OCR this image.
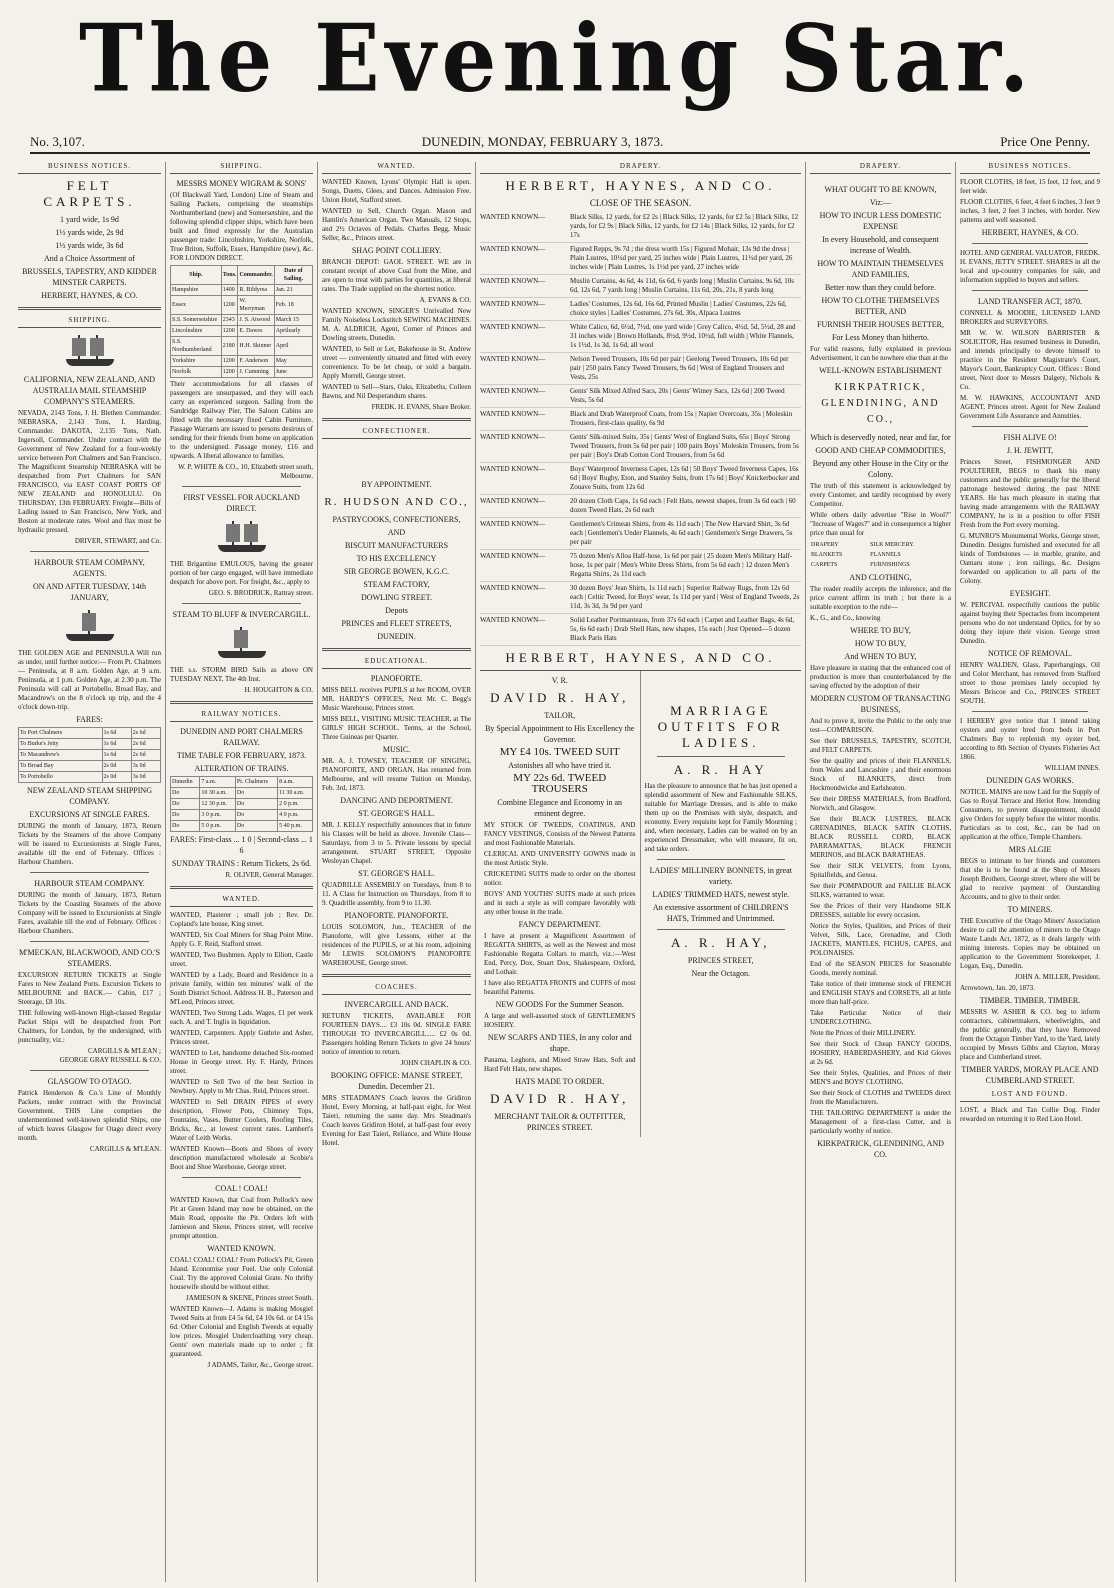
The Evening Star.
No. 3,107.	DUNEDIN, MONDAY, FEBRUARY 3, 1873.	Price One Penny.
BUSINESS NOTICES.
FELT CARPETS.
1 yard wide, 1s 9d
1½ yards wide, 2s 9d
1½ yards wide, 3s 6d
And a Choice Assortment of
BRUSSELS, TAPESTRY, AND KIDDER MINSTER CARPETS.
HERBERT, HAYNES, & CO.
SHIPPING.
CALIFORNIA, NEW ZEALAND, AND AUSTRALIA MAIL STEAMSHIP COMPANY'S STEAMERS.
NEVADA, 2143 Tons, J. H. Blethen Commander. NEBRASKA, 2,143 Tons, I. Harding, Commander. DAKOTA, 2,135 Tons, Nath. Ingersoll, Commander. Under contract with the Government of New Zealand for a four-weekly service between Port Chalmers and San Francisco. The Magnificent Steamship NEBRASKA will be despatched from Port Chalmers for SAN FRANCISCO, via EAST COAST PORTS OF NEW ZEALAND and HONOLULU. On THURSDAY, 13th FEBRUARY. Freight—Bills of Lading issued to San Francisco, New York, and Boston at moderate rates. Wool and flax must be hydraulic pressed.
DRIVER, STEWART, and Co.
HARBOUR STEAM COMPANY, AGENTS.
ON AND AFTER TUESDAY, 14th JANUARY,
THE GOLDEN AGE and PENINSULA Will run as under, until further notice:— From Pt. Chalmers— Peninsula, at 8 a.m. Golden Age, at 9 a.m. Peninsula, at 1 p.m. Golden Age, at 2.30 p.m. The Peninsula will call at Portobello, Broad Bay, and Macandrew's on the 8 o'clock up trip, and the 4 o'clock down-trip.
FARES:
To Port Chalmers	1s 6d	2s 6d
To Burke's Jetty	1s 6d	2s 6d
To Macandrew's	1s 6d	2s 6d
To Broad Bay	2s 0d	3s 0d
To Portobello	2s 0d	3s 0d
NEW ZEALAND STEAM SHIPPING COMPANY.
EXCURSIONS AT SINGLE FARES.
DURING the month of January, 1873, Return Tickets by the Steamers of the above Company will be issued to Excursionists at Single Fares, available till the end of February. Offices : Harbour Chambers.
HARBOUR STEAM COMPANY.
DURING the month of January, 1873, Return Tickets by the Coasting Steamers of the above Company will be issued to Excursionists at Single Fares, available till the end of February. Offices : Harbour Chambers.
M'MECKAN, BLACKWOOD, AND CO.'S STEAMERS.
EXCURSION RETURN TICKETS at Single Fares to New Zealand Ports. Excursion Tickets to MELBOURNE and BACK.— Cabin, £17 ; Steerage, £8 10s.
THE following well-known High-classed Regular Packet Ships will be despatched from Port Chalmers, for London, by the undersigned, with punctuality, viz.:
CARGILLS & M'LEAN ;
GEORGE GRAY RUSSELL & CO.
GLASGOW TO OTAGO.
Patrick Henderson & Co.'s Line of Monthly Packets, under contract with the Provincial Government. THIS Line comprises the undermentioned well-known splendid Ships, one of which leaves Glasgow for Otago direct every month.
CARGILLS & M'LEAN.
SHIPPING.
MESSRS MONEY WIGRAM & SONS'
(Of Blackwall Yard, London) Line of Steam and Sailing Packets, comprising the steamships Northumberland (new) and Somersetshire, and the following splendid clipper ships, which have been built and fitted expressly for the Australian passenger trade: Lincolnshire, Yorkshire, Norfolk, True Briton, Suffolk, Essex, Hampshire (new), &c. FOR LONDON DIRECT.
Ship.	Tons.	Commander.	Date of Sailing.
Hampshire	1400	R. Bildyrea	Jan. 21
Essex	1200	W. Merryman	Feb. 18
S.S. Somersetshire	2343	J. S. Atwood	March 15
Lincolnshire	1200	E. Dawes	Aprilearly
S.S. Northumberland	2180	H.H. Skinner	April
Yorkshire	1200	F. Anderson	May
Norfolk	1200	J. Cumming	June
Their accommodations for all classes of passengers are unsurpassed, and they will each carry an experienced surgeon. Sailing from the Sandridge Railway Pier, The Saloon Cabins are fitted with the necessary fixed Cabin Furniture. Passage Warrants are issued to persons desirous of sending for their friends from home on application to the undersigned. Passage money, £16 and upwards. A liberal allowance to families.
W. P. WHITE & CO., 10, Elizabeth street south, Melbourne.
FIRST VESSEL FOR AUCKLAND DIRECT.
THE Brigantine EMULOUS, having the greater portion of her cargo engaged, will have immediate despatch for above port. For freight, &c., apply to
GEO. S. BRODRICK, Rattray street.
STEAM TO BLUFF & INVERCARGILL.
THE s.s. STORM BIRD Sails as above ON TUESDAY NEXT, The 4th Inst.
H. HOUGHTON & CO.
RAILWAY NOTICES.
DUNEDIN AND PORT CHALMERS RAILWAY.
TIME TABLE FOR FEBRUARY, 1873.
ALTERATION OF TRAINS.
Dunedin	7 a.m.	Pt. Chalmers	8 a.m.
Do	10 30 a.m.	Do	11 30 a.m.
Do	12 30 p.m.	Do	2 0 p.m.
Do	3 0 p.m.	Do	4 0 p.m.
Do	5 0 p.m.	Do	5 40 p.m.
FARES: First-class ... 1 0 | Second-class ... 1 6
SUNDAY TRAINS : Return Tickets, 2s 6d.
R. OLIVER, General Manager.
WANTED.
WANTED, Plasterer ; small job ; Rev. Dr. Copland's late house, King street.
WANTED, Six Coal Miners for Shag Point Mine. Apply G. F. Reid, Stafford street.
WANTED, Two Bushmen. Apply to Elliott, Castle street.
WANTED by a Lady, Board and Residence in a private family, within ten minutes' walk of the South District School. Address H. B., Paterson and M'Leod, Princes street.
WANTED, Two Strong Lads. Wages, £1 per week each. A. and T. Inglis in liquidation.
WANTED, Carpenters. Apply Guthrie and Asher, Princes street.
WANTED to Let, handsome detached Six-roomed House in George street. Hy. F. Hardy, Princes street.
WANTED to Sell Two of the best Section in Newbury. Apply to Mr Chas. Reid, Princes street.
WANTED to Sell DRAIN PIPES of every description, Flower Pots, Chimney Tops, Fountains, Vases, Butter Coolers, Roofing Tiles, Bricks, &c., at lowest current rates. Lambert's Water of Leith Works.
WANTED Known—Boots and Shoes of every description manufactured wholesale at Scobie's Boot and Shoe Warehouse, George street.
COAL ! COAL!
WANTED Known, that Coal from Pollock's new Pit at Green Island may now be obtained, on the Main Road, opposite the Pit. Orders left with Jamieson and Skene, Princes street, will receive prompt attention.
WANTED KNOWN.
COAL! COAL! COAL! From Pollock's Pit, Green Island. Economise your Fuel. Use only Colonial Coal. Try the approved Colonial Grate. No thrifty housewife should be without either.
JAMIESON & SKENE, Princes street South.
WANTED Known—J. Adams is making Mosgiel Tweed Suits at from £4 5s 6d, £4 10s 6d. or £4 15s 6d. Other Colonial and English Tweeds at equally low prices. Mosgiel Undercloathing very cheap. Gents' own materials made up to order ; fit guaranteed.
J ADAMS, Tailor, &c., George street.
WANTED.
WANTED Known, Lyons' Olympic Hall is open. Songs, Duetts, Glees, and Dances. Admission Free. Union Hotel, Stafford street.
WANTED to Sell, Church Organ. Mason and Hamlin's American Organ. Two Manuals, 12 Stops, and 2½ Octaves of Pedals. Charles Begg, Music Seller, &c., Princes street.
SHAG POINT COLLIERY.
BRANCH DEPOT: GAOL STREET. WE are in constant receipt of above Coal from the Mine, and are open to treat with parties for quantities, at liberal rates. The Trade supplied on the shortest notice.
A. EVANS & CO.
WANTED KNOWN, SINGER'S Unrivalled New Family Noiseless Lockstitch SEWING MACHINES. M. A. ALDRICH, Agent, Corner of Princes and Dowling streets, Dunedin.
WANTED, to Sell or Let, Bakehouse in St. Andrew street — conveniently situated and fitted with every convenience. To be let cheap, or sold a bargain. Apply Morrell, George street.
WANTED to Sell—Stars, Oaks, Elizabeths, Colleen Bawns, and Nil Desperandum shares.
FREDK. H. EVANS, Share Broker.
CONFECTIONER.
BY APPOINTMENT.
R. HUDSON AND CO.,
PASTRYCOOKS, CONFECTIONERS,
AND
BISCUIT MANUFACTURERS
TO HIS EXCELLENCY
SIR GEORGE BOWEN, K.G.C.
STEAM FACTORY,
DOWLING STREET.
Depots
PRINCES and FLEET STREETS,
DUNEDIN.
EDUCATIONAL.
PIANOFORTE.
MISS BELL receives PUPILS at her ROOM, OVER MR. HARDY'S OFFICES, Next Mr. C. Begg's Music Warehouse, Princes street.
MISS BELL, VISITING MUSIC TEACHER, at The GIRLS' HIGH SCHOOL. Terms, at the School, Three Guineas per Quarter.
MUSIC.
MR. A. J. TOWSEY, TEACHER OF SINGING, PIANOFORTE, AND ORGAN, Has returned from Melbourne, and will resume Tuition on Monday, Feb. 3rd, 1873.
DANCING AND DEPORTMENT.
ST. GEORGE'S HALL.
MR. J. KELLY respectfully announces that in future his Classes will be held as above. Juvenile Class—Saturdays, from 3 to 5. Private lessons by special arrangement. STUART STREET, Opposite Wesleyan Chapel.
ST. GEORGE'S HALL.
QUADRILLE ASSEMBLY on Tuesdays, from 8 to 11. A Class for Instruction on Thursdays, from 8 to 9. Quadrille assembly, from 9 to 11.30.
PIANOFORTE. PIANOFORTE.
LOUIS SOLOMON, Jun., TEACHER of the Pianoforte, will give Lessons, either at the residences of the PUPILS, or at his room, adjoining Mr LEWIS SOLOMON'S PIANOFORTE WAREHOUSE, George street.
COACHES.
INVERCARGILL AND BACK.
RETURN TICKETS, AVAILABLE FOR FOURTEEN DAYS.... £3 10s 0d. SINGLE FARE THROUGH TO INVERCARGILL..... £2 0s 0d. Passengers holding Return Tickets to give 24 hours' notice of intention to return.
JOHN CHAPLIN & CO.
BOOKING OFFICE: MANSE STREET, Dunedin. December 21.
MRS STEADMAN'S Coach leaves the Gridiron Hotel, Every Morning, at half-past eight, for West Taieri, returning the same day. Mrs Steadman's Coach leaves Gridiron Hotel, at half-past four every Evening for East Taieri, Reliance, and White House Hotel.
DRAPERY.
HERBERT, HAYNES, AND CO.
CLOSE OF THE SEASON.
WANTED KNOWN—	Black Silks, 12 yards, for £2 2s | Black Silks, 12 yards, for £2 5s | Black Silks, 12 yards, for £2 9s | Black Silks, 12 yards, for £2 14s | Black Silks, 12 yards, for £2 17s
WANTED KNOWN—	Figured Repps, 9s 7d ; the dress worth 15s | Figured Mohair, 13s 9d the dress | Plain Lustres, 10½d per yard, 25 inches wide | Plain Lustres, 11½d per yard, 26 inches wide | Plain Lustres, 1s 1½d per yard, 27 inches wide
WANTED KNOWN—	Muslin Curtains, 4s 6d, 4s 11d, 6s 6d, 6 yards long | Muslin Curtains, 9s 6d, 10s 6d, 12s 6d, 7 yards long | Muslin Curtains, 11s 6d, 20s, 21s, 8 yards long
WANTED KNOWN—	Ladies' Costumes, 12s 6d, 16s 6d, Printed Muslin | Ladies' Costumes, 22s 6d, choice styles | Ladies' Costumes, 27s 6d, 30s, Alpaca Lustres
WANTED KNOWN—	White Calico, 6d, 6½d, 7½d, one yard wide | Grey Calico, 4½d, 5d, 5½d, 28 and 31 inches wide | Brown Hollands, 8½d, 9½d, 10½d, full width | White Flannels, 1s 1½d, 1s 3d, 1s 6d, all wool
WANTED KNOWN—	Nelson Tweed Trousers, 10s 6d per pair | Geelong Tweed Trousers, 10s 6d per pair | 250 pairs Fancy Tweed Trousers, 9s 6d | West of England Trousers and Vests, 25s
WANTED KNOWN—	Gents' Silk Mixed Alfred Sacs, 20s | Gents' Witney Sacs, 12s 6d | 200 Tweed Vests, 5s 6d
WANTED KNOWN—	Black and Drab Waterproof Coats, from 15s | Napier Overcoats, 35s | Moleskin Trousers, first-class quality, 6s 9d
WANTED KNOWN—	Gents' Silk-mixed Suits, 35s | Gents' West of England Suits, 65s | Boys' Strong Tweed Trousers, from 5s 6d per pair | 100 pairs Boys' Moleskin Trousers, from 5s per pair | Boy's Drab Cotton Cord Trousers, from 5s 6d
WANTED KNOWN—	Boys' Waterproof Inverness Capes, 12s 6d | 50 Boys' Tweed Inverness Capes, 16s 6d | Boys' Rugby, Eton, and Stanley Suits, from 17s 6d | Boys' Knickerbocker and Zouave Suits, from 12s 6d
WANTED KNOWN—	20 dozen Cloth Caps, 1s 6d each | Felt Hats, newest shapes, from 3s 6d each | 60 dozen Tweed Hats, 2s 6d each
WANTED KNOWN—	Gentlemen's Crimean Shirts, from 4s 11d each | The New Harvard Shirt, 3s 6d each | Gentlemen's Under Flannels, 4s 6d each | Gentlemen's Serge Drawers, 5s per pair
WANTED KNOWN—	75 dozen Men's Alloa Half-hose, 1s 6d per pair | 25 dozen Men's Military Half-hose, 1s per pair | Men's White Dress Shirts, from 5s 6d each | 12 dozen Men's Regatta Shirts, 2s 11d each
WANTED KNOWN—	30 dozen Boys' Jean Shirts, 1s 11d each | Superior Railway Rugs, from 12s 6d each | Celtic Tweed, for Boys' wear, 1s 11d per yard | West of England Tweeds, 2s 11d, 3s 3d, 3s 9d per yard
WANTED KNOWN—	Solid Leather Portmanteaus, from 37s 6d each | Carpet and Leather Bags, 4s 6d, 5s, 6s 6d each | Drab Shell Hats, new shapes, 15s each | Just Opened—5 dozen Black Paris Hats
HERBERT, HAYNES, AND CO.
V. R.
DAVID R. HAY,
TAILOR,
By Special Appointment to His Excellency the Governor.
MY £4 10s. TWEED SUIT
Astonishes all who have tried it.
MY 22s 6d. TWEED TROUSERS
Combine Elegance and Economy in an eminent degree.
MY STOCK OF TWEEDS, COATINGS, AND FANCY VESTINGS, Consists of the Newest Patterns and most Fashionable Materials.
CLERICAL AND UNIVERSITY GOWNS made in the most Artistic Style.
CRICKETING SUITS made to order on the shortest notice.
BOYS' AND YOUTHS' SUITS made at such prices and in such a style as will compare favorably with any other house in the trade.
FANCY DEPARTMENT.
I have at present a Magnificent Assortment of REGATTA SHIRTS, as well as the Newest and most Fashionable Regatta Collars to match, viz.:—West End, Percy, Dox, Stuart Dox, Shakespeare, Oxford, and Lothair.
I have also REGATTA FRONTS and CUFFS of most beautiful Patterns.
NEW GOODS For the Summer Season.
A large and well-assorted stock of GENTLEMEN'S HOSIERY.
NEW SCARFS AND TIES, In any color and shape.
Panama, Leghorn, and Mixed Straw Hats, Soft and Hard Felt Hats, new shapes.
HATS MADE TO ORDER.
DAVID R. HAY,
MERCHANT TAILOR & OUTFITTER, PRINCES STREET.
MARRIAGE OUTFITS FOR LADIES.
A. R. HAY
Has the pleasure to announce that he has just opened a splendid assortment of New and Fashionable SILKS, suitable for Marriage Dresses, and is able to make them up on the Premises with style, despatch, and economy. Every requisite kept for Family Mourning ; and, when necessary, Ladies can be waited on by an experienced Dressmaker, who will measure, fit on, and take orders.
LADIES' MILLINERY BONNETS, in great variety.
LADIES' TRIMMED HATS, newest style.
An extensive assortment of CHILDREN'S HATS, Trimmed and Untrimmed.
A. R. HAY,
PRINCES STREET,
Near the Octagon.
DRAPERY.
WHAT OUGHT TO BE KNOWN,
Viz:—
HOW TO INCUR LESS DOMESTIC EXPENSE
In every Household, and consequent increase of Wealth.
HOW TO MAINTAIN THEMSELVES AND FAMILIES,
Better now than they could before.
HOW TO CLOTHE THEMSELVES BETTER, AND
FURNISH THEIR HOUSES BETTER,
For Less Money than hitherto.
For valid reasons, fully explained in previous Advertisement, it can be nowhere else than at the
WELL-KNOWN ESTABLISHMENT
KIRKPATRICK, GLENDINING, AND CO.,
Which is deservedly noted, near and far, for
GOOD AND CHEAP COMMODITIES,
Beyond any other House in the City or the Colony.
The truth of this statement is acknowledged by every Customer, and tardily recognised by every Competitor.
While others daily advertise "Rise in Wool?" "Increase of Wages?" and in consequence a higher price than usual for
DRAPERY	SILK MERCERY.
BLANKETS	FLANNELS
CARPETS	FURNISHINGS
AND CLOTHING,
The reader readily accepts the inference, and the price current affirm its truth ; but there is a suitable exception to the rule—
K., G., and Co., knowing
WHERE TO BUY,
HOW TO BUY,
And WHEN TO BUY,
Have pleasure in stating that the enhanced cost of production is more than counterbalanced by the saving effected by the adoption of their
MODERN CUSTOM OF TRANSACTING BUSINESS,
And to prove it, invite the Public to the only true test—COMPARISON.
See their BRUSSELS, TAPESTRY, SCOTCH, and FELT CARPETS.
See the quality and prices of their FLANNELS, from Wales and Lancashire ; and their enormous Stock of BLANKETS, direct from Heckmondwicke and Earlsheaton.
See their DRESS MATERIALS, from Bradford, Norwich, and Glasgow.
See their BLACK LUSTRES, BLACK GRENADINES, BLACK SATIN CLOTHS, BLACK RUSSELL CORD, BLACK PARRAMATTAS, BLACK FRENCH MERINOS, and BLACK BARATHEAS.
See their SILK VELVETS, from Lyons, Spitalfields, and Genoa.
See their POMPADOUR and FAILLIE BLACK SILKS, warranted to wear.
See the Prices of their very Handsome SILK DRESSES, suitable for every occasion.
Notice the Styles, Qualities, and Prices of their Velvet, Silk, Lace, Grenadine, and Cloth JACKETS, MANTLES, FICHUS, CAPES, and POLONAISES.
End of the SEASON PRICES for Seasonable Goods, merely nominal.
Take notice of their immense stock of FRENCH and ENGLISH STAYS and CORSETS, all at little more than half-price.
Take Particular Notice of their UNDERCLOTHING.
Note the Prices of their MILLINERY.
See their Stock of Cheap FANCY GOODS, HOSIERY, HABERDASHERY, and Kid Gloves at 2s 6d.
See their Styles, Qualities, and Prices of their MEN'S and BOYS' CLOTHING.
See their Stock of CLOTHS and TWEEDS direct from the Manufacturers.
THE TAILORING DEPARTMENT is under the Management of a first-class Cutter, and is particularly worthy of notice.
KIRKPATRICK, GLENDINING, AND CO.
BUSINESS NOTICES.
FLOOR CLOTHS, 18 feet, 15 feet, 12 feet, and 9 feet wide.
FLOOR CLOTHS, 6 feet, 4 feet 6 inches, 3 feet 9 inches, 3 feet, 2 feet 3 inches, with border. New patterns and well seasoned.
HERBERT, HAYNES, & CO.
HOTEL AND GENERAL VALUATOR, FREDK. H. EVANS, JETTY STREET. SHARES in all the local and up-country companies for sale, and information supplied to buyers and sellers.
LAND TRANSFER ACT, 1870.
CONNELL & MOODIE, LICENSED LAND BROKERS and SURVEYORS.
MR W. W. WILSON BARRISTER & SOLICITOR, Has resumed business in Dunedin, and intends principally to devote himself to practice in the Resident Magistrate's Court, Mayor's Court, Bankruptcy Court. Offices : Bond street, Next door to Messrs Dalgety, Nichols & Co.
M. W. HAWKINS, ACCOUNTANT AND AGENT, Princes street. Agent for New Zealand Government Life Assurance and Annuities.
FISH ALIVE O!
J. H. JEWITT,
Princes Street, FISHMONGER AND POULTERER, BEGS to thank his many customers and the public generally for the liberal patronage bestowed during the past NINE YEARS. He has much pleasure in stating that having made arrangements with the RAILWAY COMPANY, he is in a position to offer FISH Fresh from the Port every morning.
G. MUNRO'S Monumental Works, George street, Dunedin. Designs furnished and executed for all kinds of Tombstones — in marble, granite, and Oamaru stone ; iron railings, &c. Designs forwarded on application to all parts of the Colony.
EYESIGHT.
W. PERCIVAL respectfully cautions the public against buying their Spectacles from incompetent persons who do not understand Optics, for by so doing they injure their vision. George street Dunedin.
NOTICE OF REMOVAL.
HENRY WALDEN, Glass, Paperhangings, Oil and Color Merchant, has removed from Stafford street to those premises lately occupied by Messrs Briscoe and Co., PRINCES STREET SOUTH.
I HEREBY give notice that I intend taking oysters and oyster bred from beds in Port Chalmers Bay to replenish my oyster bed, according to 8th Section of Oysters Fisheries Act 1866.
WILLIAM INNES.
DUNEDIN GAS WORKS.
NOTICE. MAINS are now Laid for the Supply of Gas to Royal Terrace and Heriot Row. Intending Consumers, to prevent disappointment, should give Orders for supply before the winter months. Particulars as to cost, &c., can be had on application at the office, Temple Chambers.
MRS ALGIE
BEGS to intimate to her friends and customers that she is to be found at the Shop of Messrs Joseph Brothers, George street, where she will be glad to receive payment of Outstanding Accounts, and to give to their order.
TO MINERS.
THE Executive of the Otago Miners' Association desire to call the attention of miners to the Otago Waste Lands Act, 1872, as it deals largely with mining interests. Copies may be obtained on application to the Government Storekeeper, J. Logan, Esq., Dunedin.
JOHN A. MILLER, President.
Arrowtown, Jan. 20, 1873.
TIMBER. TIMBER. TIMBER.
MESSRS W. ASHER & CO. beg to inform contractors, cabinetmakers, wheelwrights, and the public generally, that they have Removed from the Octagon Timber Yard, to the Yard, lately occupied by Messrs Gibbs and Clayton, Moray place and Cumberland street.
TIMBER YARDS, MORAY PLACE AND CUMBERLAND STREET.
LOST AND FOUND.
LOST, a Black and Tan Collie Dog. Finder rewarded on returning it to Red Lion Hotel.
